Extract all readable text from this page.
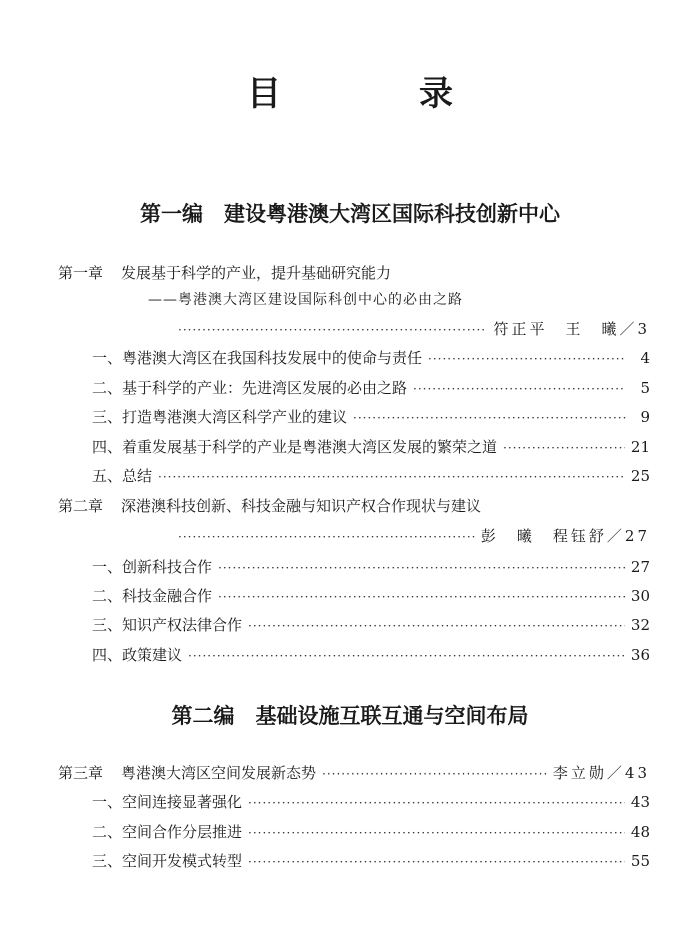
目　录
第一编　建设粤港澳大湾区国际科技创新中心
第一章 发展基于科学的产业，提升基础研究能力
——粤港澳大湾区建设国际科创中心的必由之路
·····
符正平　王　曦／3
一、粤港澳大湾区在我国科技发展中的使命与责任 ·····	4
二、基于科学的产业：先进湾区发展的必由之路 ·····	5
三、打造粤港澳大湾区科学产业的建议 ·····	9
四、着重发展基于科学的产业是粤港澳大湾区发展的繁荣之道 ·····	21
五、总结 ·····	25
第二章 深港澳科技创新、科技金融与知识产权合作现状与建议
·····
彭　曦　程钰舒／27
一、创新科技合作 ·····	27
二、科技金融合作 ·····	30
三、知识产权法律合作 ·····	32
四、政策建议 ·····	36
第二编　基础设施互联互通与空间布局
第三章 粤港澳大湾区空间发展新态势 ·····	李立勋／43
一、空间连接显著强化 ·····	43
二、空间合作分层推进 ·····	48
三、空间开发模式转型 ·····	55
